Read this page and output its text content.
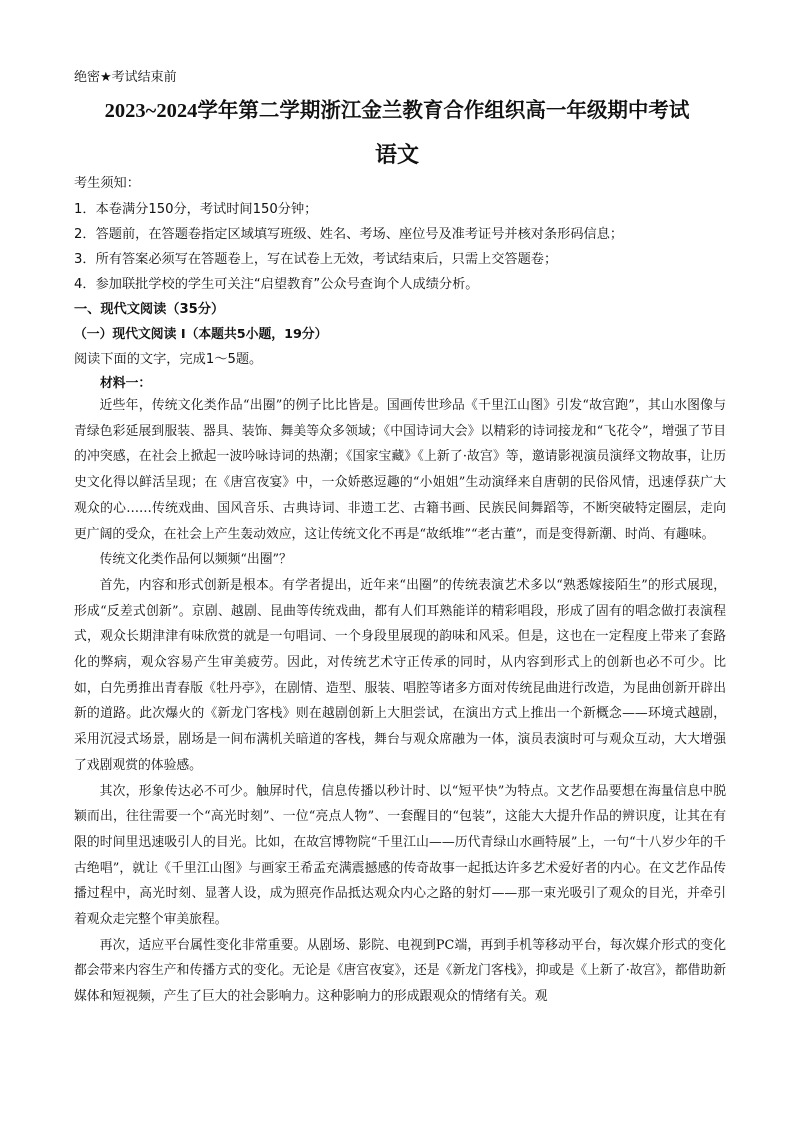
绝密★考试结束前
2023~2024学年第二学期浙江金兰教育合作组织高一年级期中考试
语文
考生须知：
1．本卷满分150分，考试时间150分钟；
2．答题前，在答题卷指定区域填写班级、姓名、考场、座位号及准考证号并核对条形码信息；
3．所有答案必须写在答题卷上，写在试卷上无效，考试结束后，只需上交答题卷；
4．参加联批学校的学生可关注“启望教育”公众号查询个人成绩分析。
一、现代文阅读（35分）
（一）现代文阅读 I（本题共5小题，19分）
阅读下面的文字，完成1～5题。
材料一：

近些年，传统文化类作品“出圈”的例子比比皆是。国画传世珍品《千里江山图》引发“故宫跑”，其山水图像与青绿色彩延展到服装、器具、装饰、舞美等众多领域；《中国诗词大会》以精彩的诗词接龙和“飞花令”，增强了节目的冲突感，在社会上掀起一波吟咏诗词的热潮；《国家宝藏》《上新了·故宫》等，邀请影视演员演绎文物故事，让历史文化得以鲜活呈现；在《唐宫夜宴》中，一众娇憨逗趣的“小姐姐”生动演绎来自唐朝的民俗风情，迅速俘获广大观众的心……传统戏曲、国风音乐、古典诗词、非遗工艺、古籍书画、民族民间舞蹈等，不断突破特定圈层，走向更广阔的受众，在社会上产生轰动效应，这让传统文化不再是“故纸堆”“老古董”，而是变得新潮、时尚、有趣味。

传统文化类作品何以频频“出圈”？

首先，内容和形式创新是根本。有学者提出，近年来“出圈”的传统表演艺术多以“熟悉嫁接陌生”的形式展现，形成“反差式创新”。京剧、越剧、昆曲等传统戏曲，都有人们耳熟能详的精彩唱段，形成了固有的唱念做打表演程式，观众长期津津有味欣赏的就是一句唱词、一个身段里展现的韵味和风采。但是，这也在一定程度上带来了套路化的弊病，观众容易产生审美疲劳。因此，对传统艺术守正传承的同时，从内容到形式上的创新也必不可少。比如，白先勇推出青春版《牡丹亭》，在剧情、造型、服装、唱腔等诸多方面对传统昆曲进行改造，为昆曲创新开辟出新的道路。此次爆火的《新龙门客栈》则在越剧创新上大胆尝试，在演出方式上推出一个新概念——环境式越剧，采用沉浸式场景，剧场是一间布满机关暗道的客栈，舞台与观众席融为一体，演员表演时可与观众互动，大大增强了戏剧观赏的体验感。

其次，形象传达必不可少。触屏时代，信息传播以秒计时、以“短平快”为特点。文艺作品要想在海量信息中脱颖而出，往往需要一个“高光时刻”、一位“亮点人物”、一套醒目的“包装”，这能大大提升作品的辨识度，让其在有限的时间里迅速吸引人的目光。比如，在故宫博物院“千里江山——历代青绿山水画特展”上，一句“十八岁少年的千古绝唱”，就让《千里江山图》与画家王希孟充满震撼感的传奇故事一起抵达许多艺术爱好者的内心。在文艺作品传播过程中，高光时刻、显著人设，成为照亮作品抵达观众内心之路的射灯——那一束光吸引了观众的目光，并牵引着观众走完整个审美旅程。

再次，适应平台属性变化非常重要。从剧场、影院、电视到PC端，再到手机等移动平台，每次媒介形式的变化都会带来内容生产和传播方式的变化。无论是《唐宫夜宴》，还是《新龙门客栈》，抑或是《上新了·故宫》，都借助新媒体和短视频，产生了巨大的社会影响力。这种影响力的形成跟观众的情绪有关。观
